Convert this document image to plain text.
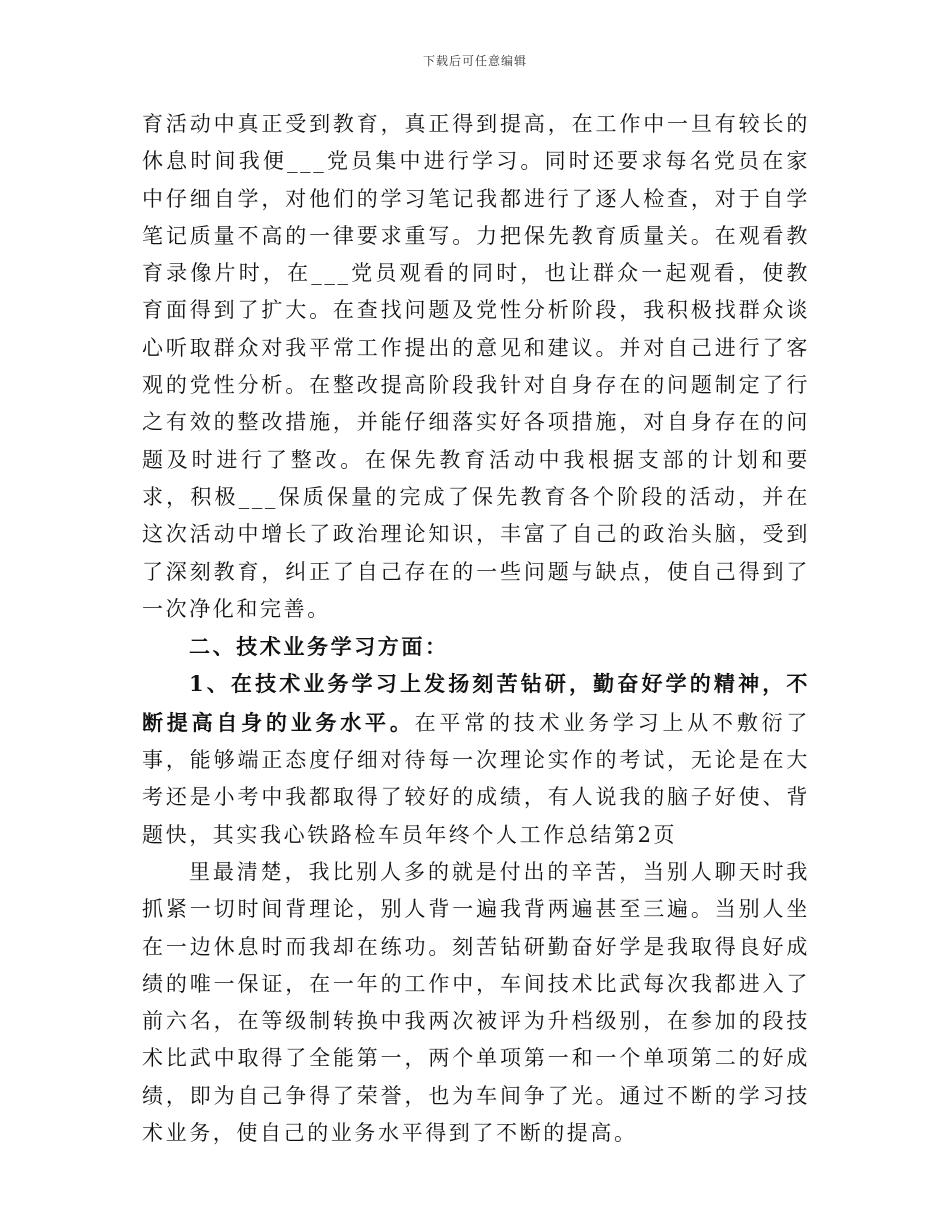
下载后可任意编辑

育活动中真正受到教育，真正得到提高，在工作中一旦有较长的休息时间我便___党员集中进行学习。同时还要求每名党员在家中仔细自学，对他们的学习笔记我都进行了逐人检查，对于自学笔记质量不高的一律要求重写。力把保先教育质量关。在观看教育录像片时，在___党员观看的同时，也让群众一起观看，使教育面得到了扩大。在查找问题及党性分析阶段，我积极找群众谈心听取群众对我平常工作提出的意见和建议。并对自己进行了客观的党性分析。在整改提高阶段我针对自身存在的问题制定了行之有效的整改措施，并能仔细落实好各项措施，对自身存在的问题及时进行了整改。在保先教育活动中我根据支部的计划和要求，积极___保质保量的完成了保先教育各个阶段的活动，并在这次活动中增长了政治理论知识，丰富了自己的政治头脑，受到了深刻教育，纠正了自己存在的一些问题与缺点，使自己得到了一次净化和完善。

二、技术业务学习方面：

1、在技术业务学习上发扬刻苦钻研，勤奋好学的精神，不断提高自身的业务水平。在平常的技术业务学习上从不敷衍了事，能够端正态度仔细对待每一次理论实作的考试，无论是在大考还是小考中我都取得了较好的成绩，有人说我的脑子好使、背题快，其实我心铁路检车员年终个人工作总结第2页

里最清楚，我比别人多的就是付出的辛苦，当别人聊天时我抓紧一切时间背理论，别人背一遍我背两遍甚至三遍。当别人坐在一边休息时而我却在练功。刻苦钻研勤奋好学是我取得良好成绩的唯一保证，在一年的工作中，车间技术比武每次我都进入了前六名，在等级制转换中我两次被评为升档级别，在参加的段技术比武中取得了全能第一，两个单项第一和一个单项第二的好成绩，即为自己争得了荣誉，也为车间争了光。通过不断的学习技术业务，使自己的业务水平得到了不断的提高。
